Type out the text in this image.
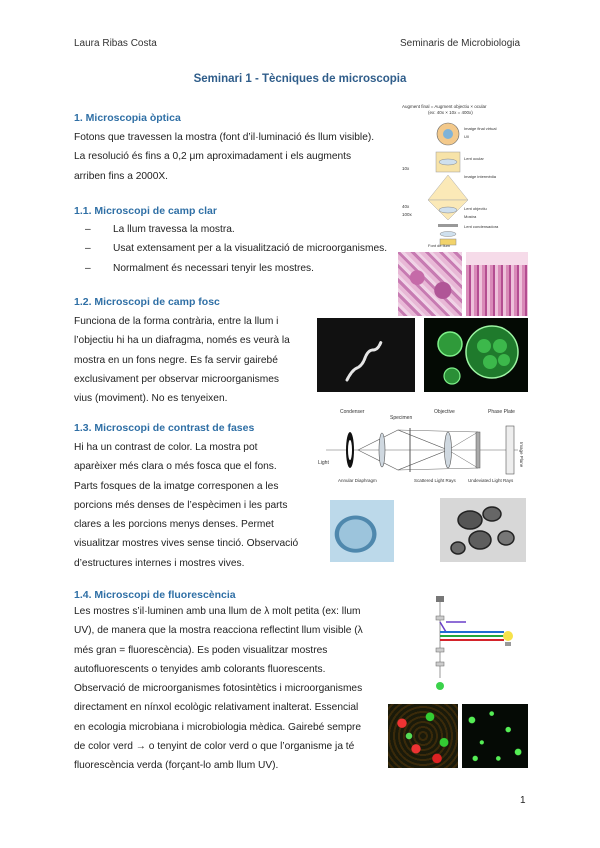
Laura Ribas Costa	Seminaris de Microbiologia
Seminari 1 - Tècniques de microscopia
1. Microscopia òptica
Fotons que travessen la mostra (font d’il·luminació és llum visible).
La resolució és fins a 0,2 μm aproximadament i els augments
arriben fins a 2000X.
1.1. Microscopi de camp clar
– La llum travessa la mostra.
– Usat extensament per a la visualització de microorganismes.
– Normalment és necessari tenyir les mostres.
Augment final = Augment objectiu × ocular
(ex: 40x × 10x = 400x)
10x
40x
100x
Imatge final virtual
Ull
Lent ocular
Imatge intermèdia
Lent objectiu
Mostra
Lent condensadora
Font de llum
1.2. Microscopi de camp fosc
Funciona de la forma contrària, entre la llum i
l’objectiu hi ha un diafragma, només es veurà la
mostra en un fons negre. Es fa servir gairebé
exclusivament per observar microorganismes
vius (moviment). No es tenyeixen.
1.3. Microscopi de contrast de fases
Hi ha un contrast de color. La mostra pot
aparèixer més clara o més fosca que el fons.
Parts fosques de la imatge corresponen a les
porcions més denses de l’espècimen i les parts
clares a les porcions menys denses. Permet
visualitzar mostres vives sense tinció. Observació
d’estructures internes i mostres vives.
Condenser
Specimen
Objective	Phase Plate
Light
Annular Diaphragm	Scattered Light Rays	Undeviated Light Rays
Image Plane
1.4. Microscopi de fluorescència
Les mostres s’il·luminen amb una llum de λ molt petita (ex: llum
UV), de manera que la mostra reacciona reflectint llum visible (λ
més gran = fluorescència). Es poden visualitzar mostres
autofluorescents o tenyides amb colorants fluorescents.
Observació de microorganismes fotosintètics i microorganismes
directament en nínxol ecològic relativament inalterat. Essencial
en ecologia microbiana i microbiologia mèdica. Gairebé sempre
de color verd → o tenyint de color verd o que l’organisme ja té
fluorescència verda (forçant-lo amb llum UV).
1
